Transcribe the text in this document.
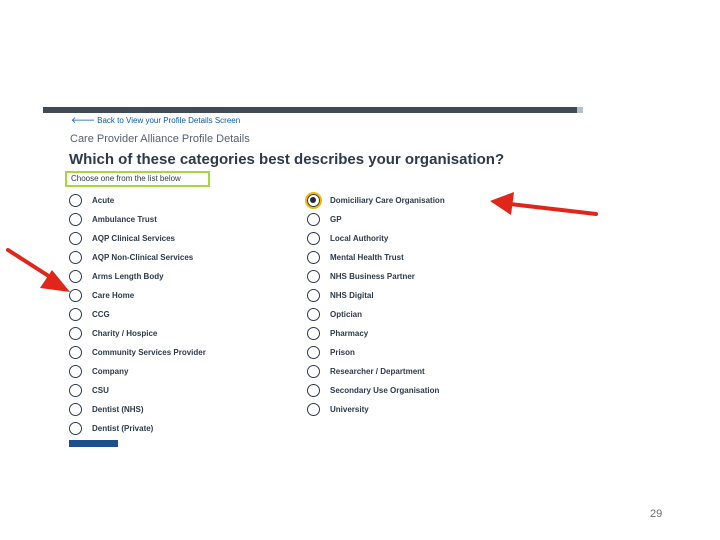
🡐 Back to View your Profile Details Screen
Care Provider Alliance Profile Details
Which of these categories best describes your organisation?
Choose one from the list below
Acute
Ambulance Trust
AQP Clinical Services
AQP Non-Clinical Services
Arms Length Body
Care Home
CCG
Charity / Hospice
Community Services Provider
Company
CSU
Dentist (NHS)
Dentist (Private)
Domiciliary Care Organisation
GP
Local Authority
Mental Health Trust
NHS Business Partner
NHS Digital
Optician
Pharmacy
Prison
Researcher / Department
Secondary Use Organisation
University
29
